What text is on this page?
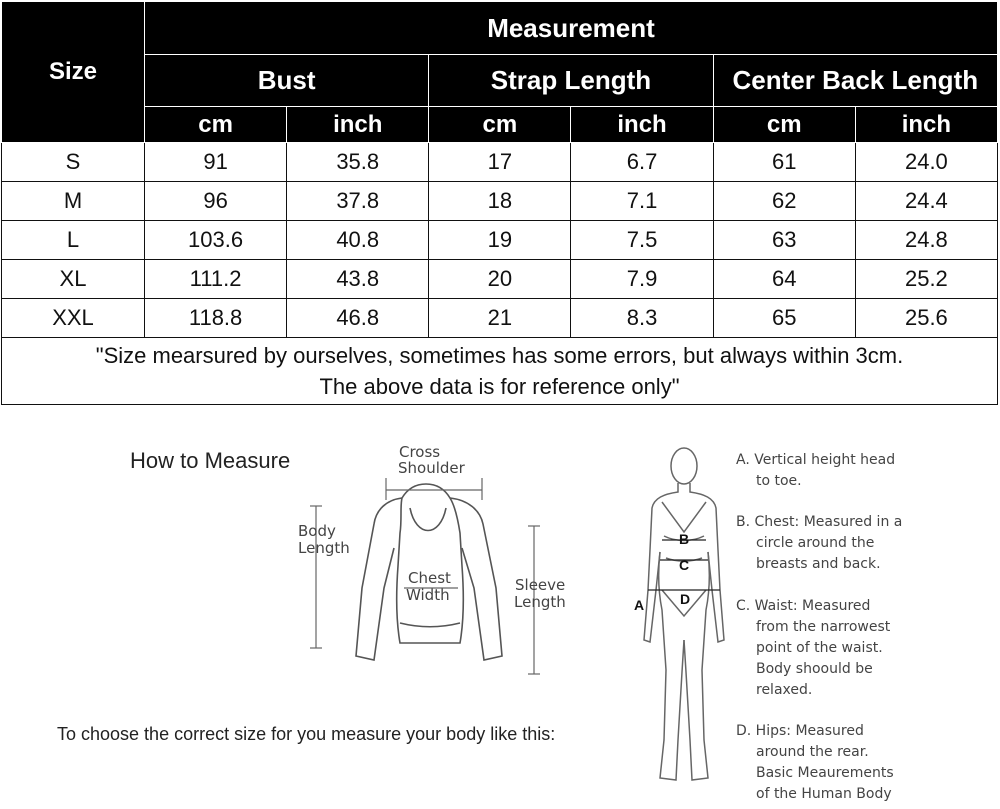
Size	Measurement					
	Bust		Strap Length		Center Back Length	
	cm	inch	cm	inch	cm	inch
S	91	35.8	17	6.7	61	24.0
M	96	37.8	18	7.1	62	24.4
L	103.6	40.8	19	7.5	63	24.8
XL	111.2	43.8	20	7.9	64	25.2
XXL	118.8	46.8	21	8.3	65	25.6

"Size mearsured by ourselves, sometimes has some errors, but always within 3cm.
The above data is for reference only"						
How to Measure
To choose the correct size for you measure your body like this:
Cross
Shoulder
Body
Length
Chest
Width
Sleeve
Length	A
B
C
D
A. Vertical height head
to toe.
B. Chest: Measured in a
circle around the
breasts and back.
C. Waist: Measured
from the narrowest
point of the waist.
Body shoould be
relaxed.
D. Hips: Measured
around the rear.
Basic Meaurements
of the Human Body
